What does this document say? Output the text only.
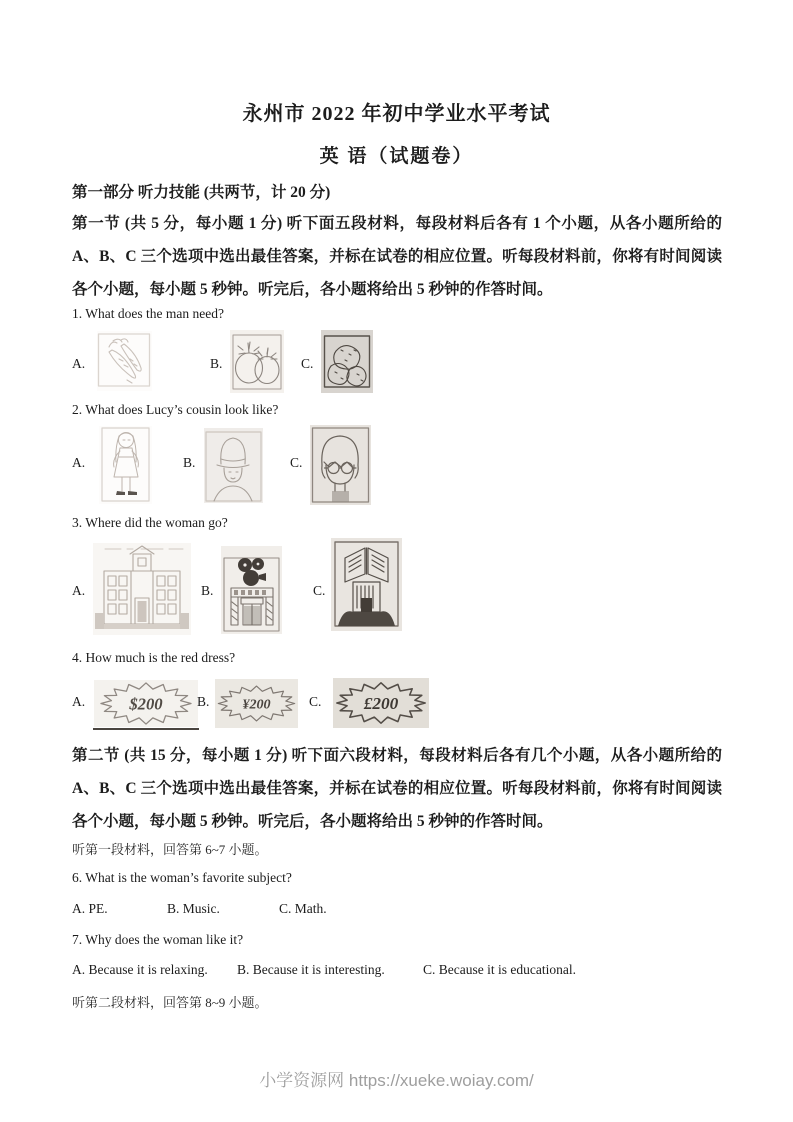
永州市 2022 年初中学业水平考试
英 语（试题卷）
第一部分 听力技能 (共两节，计 20 分)
第一节 (共 5 分，每小题 1 分) 听下面五段材料，每段材料后各有 1 个小题，从各小题所给的 A、B、C 三个选项中选出最佳答案，并标在试卷的相应位置。听每段材料前，你将有时间阅读各个小题，每小题 5 秒钟。听完后，各小题将给出 5 秒钟的作答时间。
1. What does the man need?
A.	B.	C.
2. What does Lucy’s cousin look like?
A.	B.	C.
3. Where did the woman go?
A.	B.	C.
4. How much is the red dress?
A.	$200	B. ¥200	C. £200
第二节 (共 15 分，每小题 1 分) 听下面六段材料，每段材料后各有几个小题，从各小题所给的 A、B、C 三个选项中选出最佳答案，并标在试卷的相应位置。听每段材料前，你将有时间阅读各个小题，每小题 5 秒钟。听完后，各小题将给出 5 秒钟的作答时间。
听第一段材料，回答第 6~7 小题。
6. What is the woman’s favorite subject?
A. PE.	B. Music.	C. Math.
7. Why does the woman like it?
A. Because it is relaxing. B. Because it is interesting.	C. Because it is educational.
听第二段材料，回答第 8~9 小题。
小学资源网 https://xueke.woiay.com/
